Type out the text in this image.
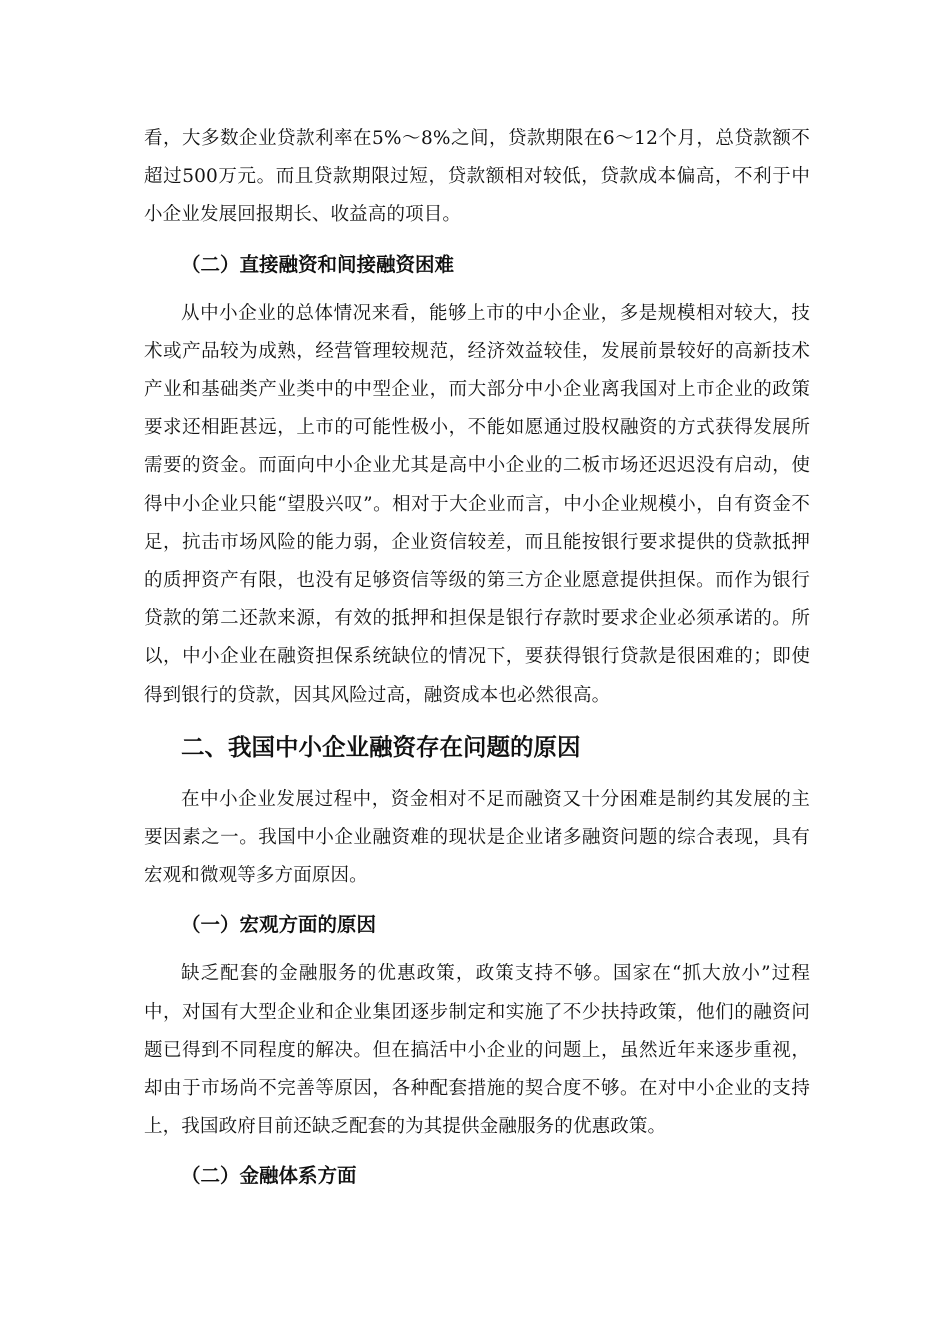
看，大多数企业贷款利率在5%～8%之间，贷款期限在6～12个月，总贷款额不超过500万元。而且贷款期限过短，贷款额相对较低，贷款成本偏高，不利于中小企业发展回报期长、收益高的项目。

（二）直接融资和间接融资困难

从中小企业的总体情况来看，能够上市的中小企业，多是规模相对较大，技术或产品较为成熟，经营管理较规范，经济效益较佳，发展前景较好的高新技术产业和基础类产业类中的中型企业，而大部分中小企业离我国对上市企业的政策要求还相距甚远，上市的可能性极小，不能如愿通过股权融资的方式获得发展所需要的资金。而面向中小企业尤其是高中小企业的二板市场还迟迟没有启动，使得中小企业只能“望股兴叹”。相对于大企业而言，中小企业规模小，自有资金不足，抗击市场风险的能力弱，企业资信较差，而且能按银行要求提供的贷款抵押的质押资产有限，也没有足够资信等级的第三方企业愿意提供担保。而作为银行贷款的第二还款来源，有效的抵押和担保是银行存款时要求企业必须承诺的。所以，中小企业在融资担保系统缺位的情况下，要获得银行贷款是很困难的；即使得到银行的贷款，因其风险过高，融资成本也必然很高。

二、我国中小企业融资存在问题的原因

在中小企业发展过程中，资金相对不足而融资又十分困难是制约其发展的主要因素之一。我国中小企业融资难的现状是企业诸多融资问题的综合表现，具有宏观和微观等多方面原因。

（一）宏观方面的原因

缺乏配套的金融服务的优惠政策，政策支持不够。国家在“抓大放小”过程中，对国有大型企业和企业集团逐步制定和实施了不少扶持政策，他们的融资问题已得到不同程度的解决。但在搞活中小企业的问题上，虽然近年来逐步重视，却由于市场尚不完善等原因，各种配套措施的契合度不够。在对中小企业的支持上，我国政府目前还缺乏配套的为其提供金融服务的优惠政策。

（二）金融体系方面
